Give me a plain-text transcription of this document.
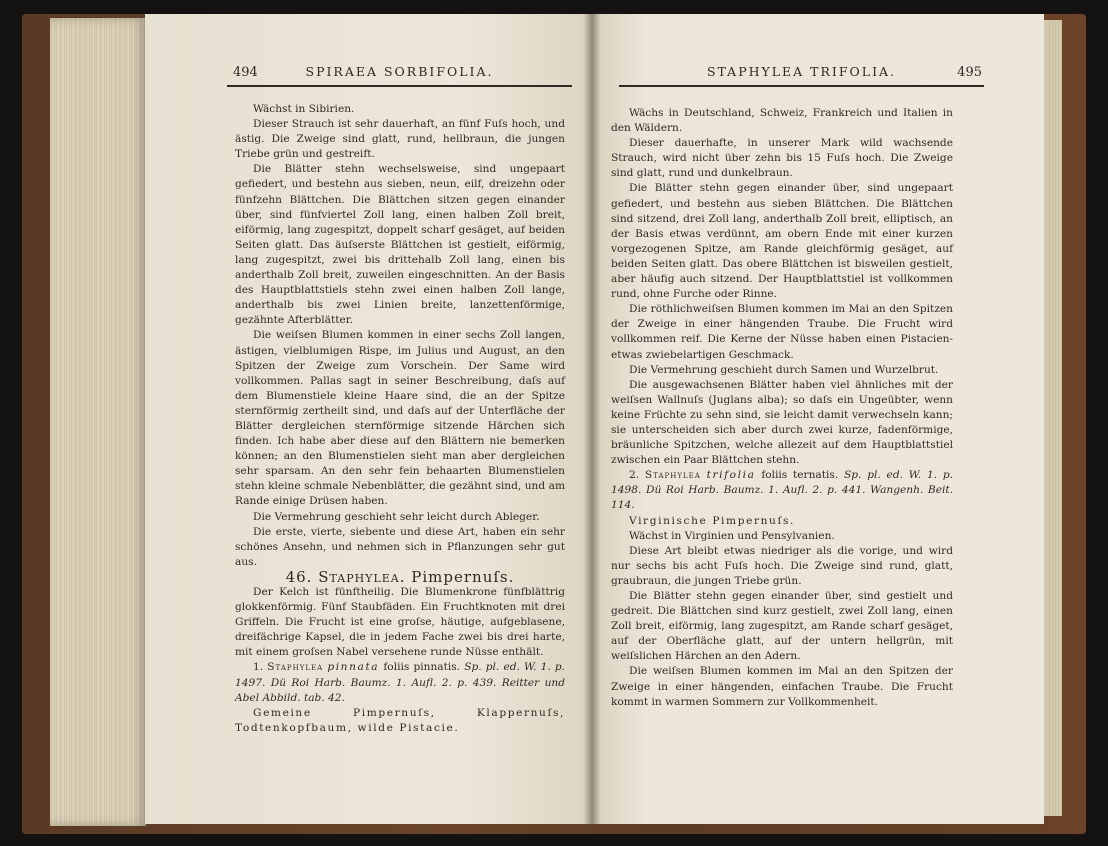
494	SPIRAEA SORBIFOLIA.

Wächst in Sibirien.

Dieser Strauch ist sehr dauerhaft, an fünf Fuſs hoch, und ästig. Die Zweige sind glatt, rund, hellbraun, die jungen Triebe grün und gestreift.

Die Blätter stehn wechselsweise, sind ungepaart gefiedert, und bestehn aus sieben, neun, eilf, dreizehn oder fünfzehn Blättchen. Die Blättchen sitzen gegen einander über, sind fünfviertel Zoll lang, einen halben Zoll breit, eiförmig, lang zugespitzt, doppelt scharf gesäget, auf beiden Seiten glatt. Das äuſserste Blättchen ist gestielt, eiförmig, lang zugespitzt, zwei bis drittehalb Zoll lang, einen bis anderthalb Zoll breit, zuweilen eingeschnitten. An der Basis des Hauptblattstiels stehn zwei einen halben Zoll lange, anderthalb bis zwei Linien breite, lanzettenförmige, gezähnte Afterblätter.

Die weiſsen Blumen kommen in einer sechs Zoll langen, ästigen, vielblumigen Rispe, im Julius und August, an den Spitzen der Zweige zum Vorschein. Der Same wird vollkommen. Pallas sagt in seiner Beschreibung, daſs auf dem Blumenstiele kleine Haare sind, die an der Spitze sternförmig zertheilt sind, und daſs auf der Unterfläche der Blätter dergleichen sternförmige sitzende Härchen sich finden. Ich habe aber diese auf den Blättern nie bemerken können; an den Blumenstielen sieht man aber dergleichen sehr sparsam. An den sehr fein behaarten Blumenstielen stehn kleine schmale Nebenblätter, die gezähnt sind, und am Rande einige Drüsen haben.

Die Vermehrung geschieht sehr leicht durch Ableger.

Die erste, vierte, siebente und diese Art, haben ein sehr schönes Ansehn, und nehmen sich in Pflanzungen sehr gut aus.

46. Staphylea. Pimpernuſs.

Der Kelch ist fünftheilig. Die Blumenkrone fünfblättrig glokkenförmig. Fünf Staubfäden. Ein Fruchtknoten mit drei Griffeln. Die Frucht ist eine groſse, häutige, aufgeblasene, dreifächrige Kapsel, die in jedem Fache zwei bis drei harte, mit einem groſsen Nabel versehene runde Nüsse enthält.

1. Staphylea pinnata foliis pinnatis. Sp. pl. ed. W. 1. p. 1497. Dü Roi Harb. Baumz. 1. Aufl. 2. p. 439. Reitter und Abel Abbild. tab. 42.

Gemeine Pimpernuſs, Klappernuſs, Todtenkopfbaum, wilde Pistacie.

STAPHYLEA TRIFOLIA.	495

Wächs in Deutschland, Schweiz, Frankreich und Italien in den Wäldern.

Dieser dauerhafte, in unserer Mark wild wachsende Strauch, wird nicht über zehn bis 15 Fuſs hoch. Die Zweige sind glatt, rund und dunkelbraun.

Die Blätter stehn gegen einander über, sind ungepaart gefiedert, und bestehn aus sieben Blättchen. Die Blättchen sind sitzend, drei Zoll lang, anderthalb Zoll breit, elliptisch, an der Basis etwas verdünnt, am obern Ende mit einer kurzen vorgezogenen Spitze, am Rande gleichförmig gesäget, auf beiden Seiten glatt. Das obere Blättchen ist bisweilen gestielt, aber häufig auch sitzend. Der Hauptblattstiel ist vollkommen rund, ohne Furche oder Rinne.

Die röthlichweiſsen Blumen kommen im Mai an den Spitzen der Zweige in einer hängenden Traube. Die Frucht wird vollkommen reif. Die Kerne der Nüsse haben einen Pistacien- etwas zwiebelartigen Geschmack.

Die Vermehrung geschieht durch Samen und Wurzelbrut.

Die ausgewachsenen Blätter haben viel ähnliches mit der weiſsen Wallnuſs (Juglans alba); so daſs ein Ungeübter, wenn keine Früchte zu sehn sind, sie leicht damit verwechseln kann; sie unterscheiden sich aber durch zwei kurze, fadenförmige, bräunliche Spitzchen, welche allezeit auf dem Hauptblattstiel zwischen ein Paar Blättchen stehn.

2. Staphylea trifolia foliis ternatis. Sp. pl. ed. W. 1. p. 1498. Dü Roi Harb. Baumz. 1. Aufl. 2. p. 441. Wangenh. Beit. 114.

Virginische Pimpernuſs.

Wächst in Virginien und Pensylvanien.

Diese Art bleibt etwas niedriger als die vorige, und wird nur sechs bis acht Fuſs hoch. Die Zweige sind rund, glatt, graubraun, die jungen Triebe grün.

Die Blätter stehn gegen einander über, sind gestielt und gedreit. Die Blättchen sind kurz gestielt, zwei Zoll lang, einen Zoll breit, eiförmig, lang zugespitzt, am Rande scharf gesäget, auf der Oberfläche glatt, auf der untern hellgrün, mit weiſslichen Härchen an den Adern.

Die weiſsen Blumen kommen im Mai an den Spitzen der Zweige in einer hängenden, einfachen Traube. Die Frucht kommt in warmen Sommern zur Vollkommenheit.
